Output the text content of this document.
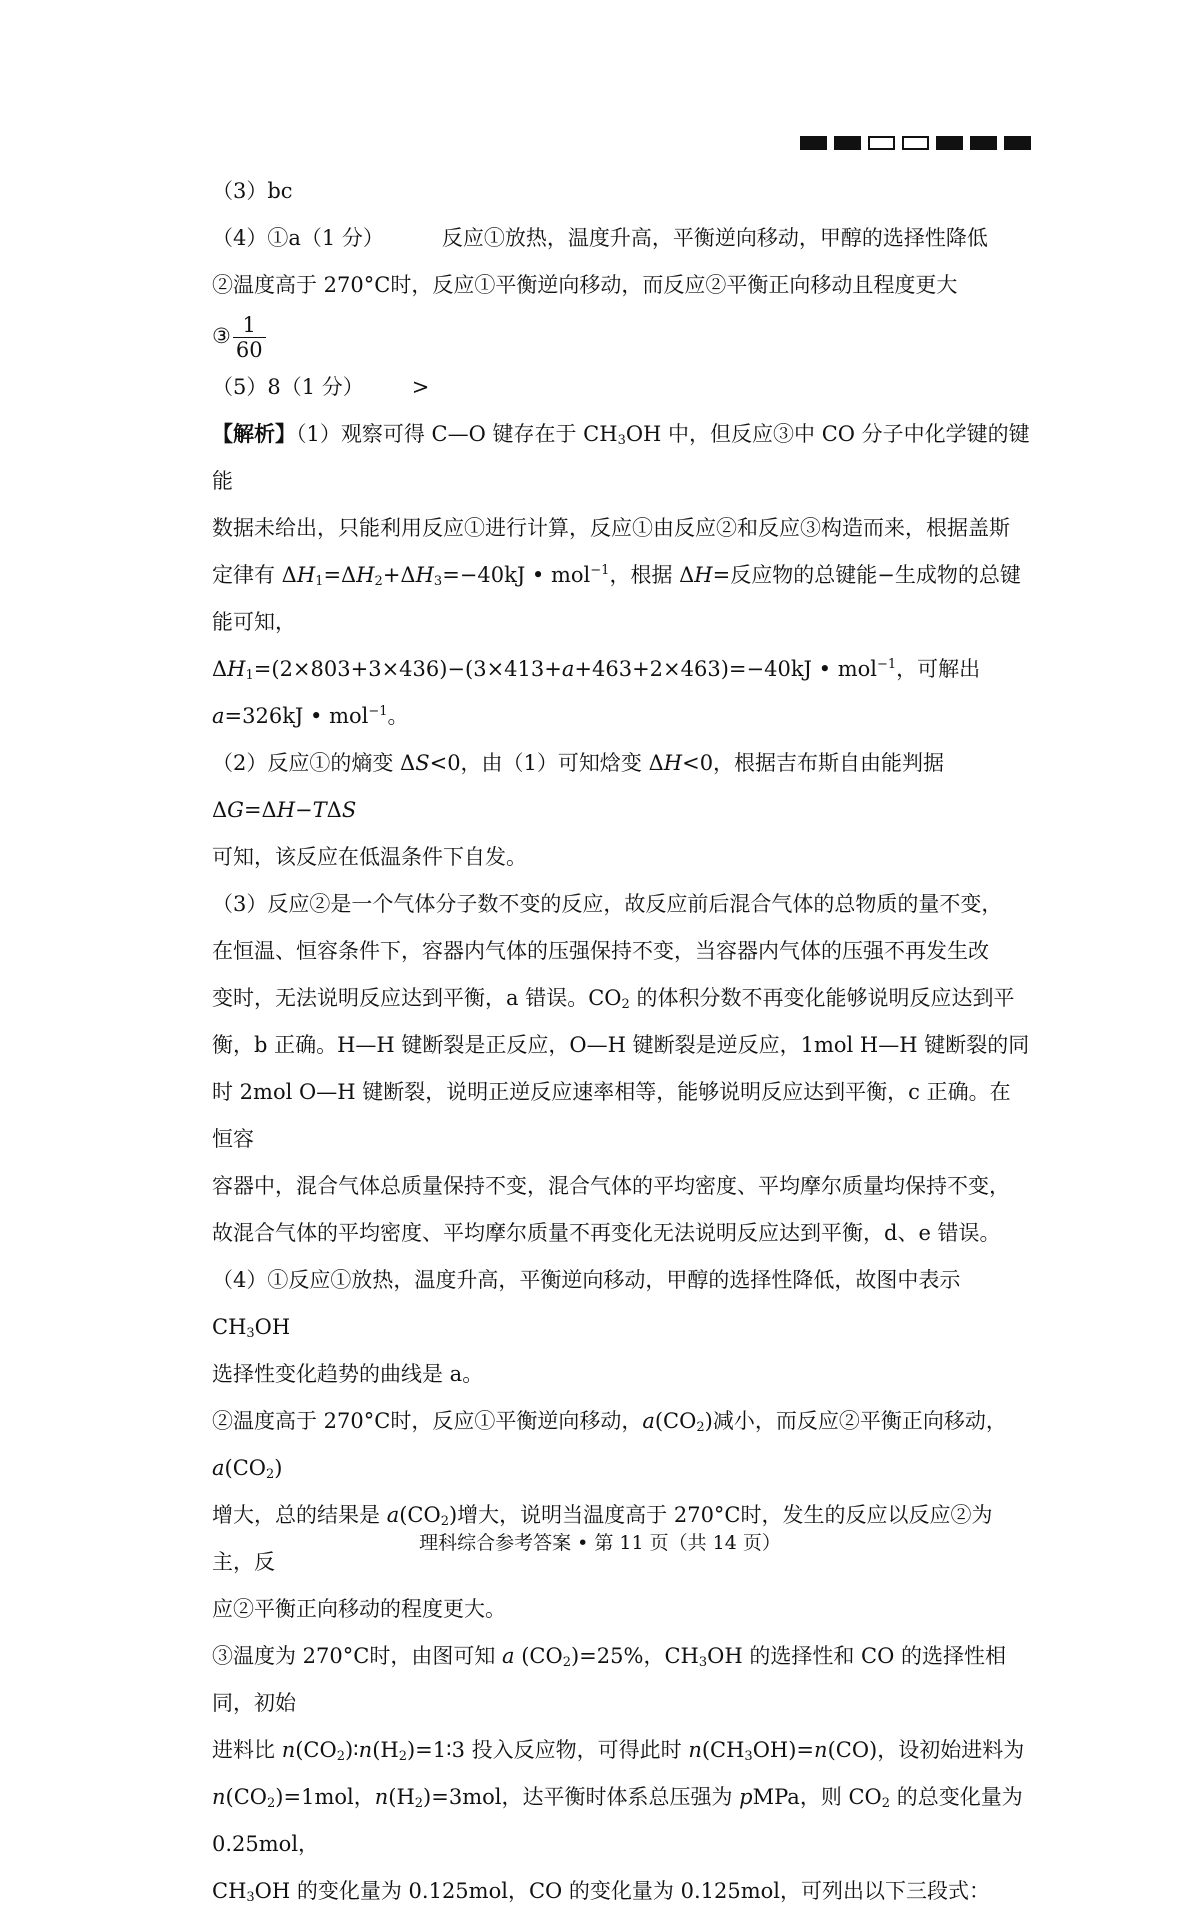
（3）bc

（4）①a（1 分）	反应①放热，温度升高，平衡逆向移动，甲醇的选择性降低

②温度高于 270°C时，反应①平衡逆向移动，而反应②平衡正向移动且程度更大

③ $\frac{1}{60}$

（5）8（1 分） >

【解析】（1）观察可得 C—O 键存在于 $CH_3OH$ 中，但反应③中 CO 分子中化学键的键能

数据未给出，只能利用反应①进行计算，反应①由反应②和反应③构造而来，根据盖斯

定律有 $\Delta H_1=\Delta H_2+\Delta H_3=-40kJ$ • mol$^{-1}$，根据 ΔH=反应物的总键能−生成物的总键能可知，

$\Delta H_1=(2\times 803+3\times 436)-(3\times 413+a+463+2\times 463)=-40kJ$ • mol$^{-1}$，可解出 a=326kJ • mol$^{-1}$。

（2）反应①的熵变 ΔS<0，由（1）可知焓变 ΔH<0，根据吉布斯自由能判据 ΔG=ΔH−TΔS

可知，该反应在低温条件下自发。

（3）反应②是一个气体分子数不变的反应，故反应前后混合气体的总物质的量不变，

在恒温、恒容条件下，容器内气体的压强保持不变，当容器内气体的压强不再发生改

变时，无法说明反应达到平衡，a 错误。$CO_2$ 的体积分数不再变化能够说明反应达到平

衡，b 正确。H—H 键断裂是正反应，O—H 键断裂是逆反应，1mol H—H 键断裂的同

时 2mol O—H 键断裂，说明正逆反应速率相等，能够说明反应达到平衡，c 正确。在恒容

容器中，混合气体总质量保持不变，混合气体的平均密度、平均摩尔质量均保持不变，

故混合气体的平均密度、平均摩尔质量不再变化无法说明反应达到平衡，d、e 错误。

（4）①反应①放热，温度升高，平衡逆向移动，甲醇的选择性降低，故图中表示 $CH_3OH$

选择性变化趋势的曲线是 a。

②温度高于 270°C时，反应①平衡逆向移动，$a(CO_2)$减小，而反应②平衡正向移动，$a(CO_2)$

增大，总的结果是 $a(CO_2)$增大，说明当温度高于 270°C时，发生的反应以反应②为主，反

应②平衡正向移动的程度更大。

③温度为 270°C时，由图可知 a $(CO_2)=25\%$，$CH_3OH$ 的选择性和 CO 的选择性相同，初始

进料比 $n(CO_2)∶n(H_2)=1∶3$ 投入反应物，可得此时 $n(CH_3OH)=n(CO)$，设初始进料为

$n(CO_2)=1mol$，$n(H_2)=3mol$，达平衡时体系总压强为 pMPa，则 $CO_2$ 的总变化量为 0.25mol，

$CH_3OH$ 的变化量为 0.125mol，CO 的变化量为 0.125mol，可列出以下三段式：

理科综合参考答案 • 第 11 页（共 14 页）
